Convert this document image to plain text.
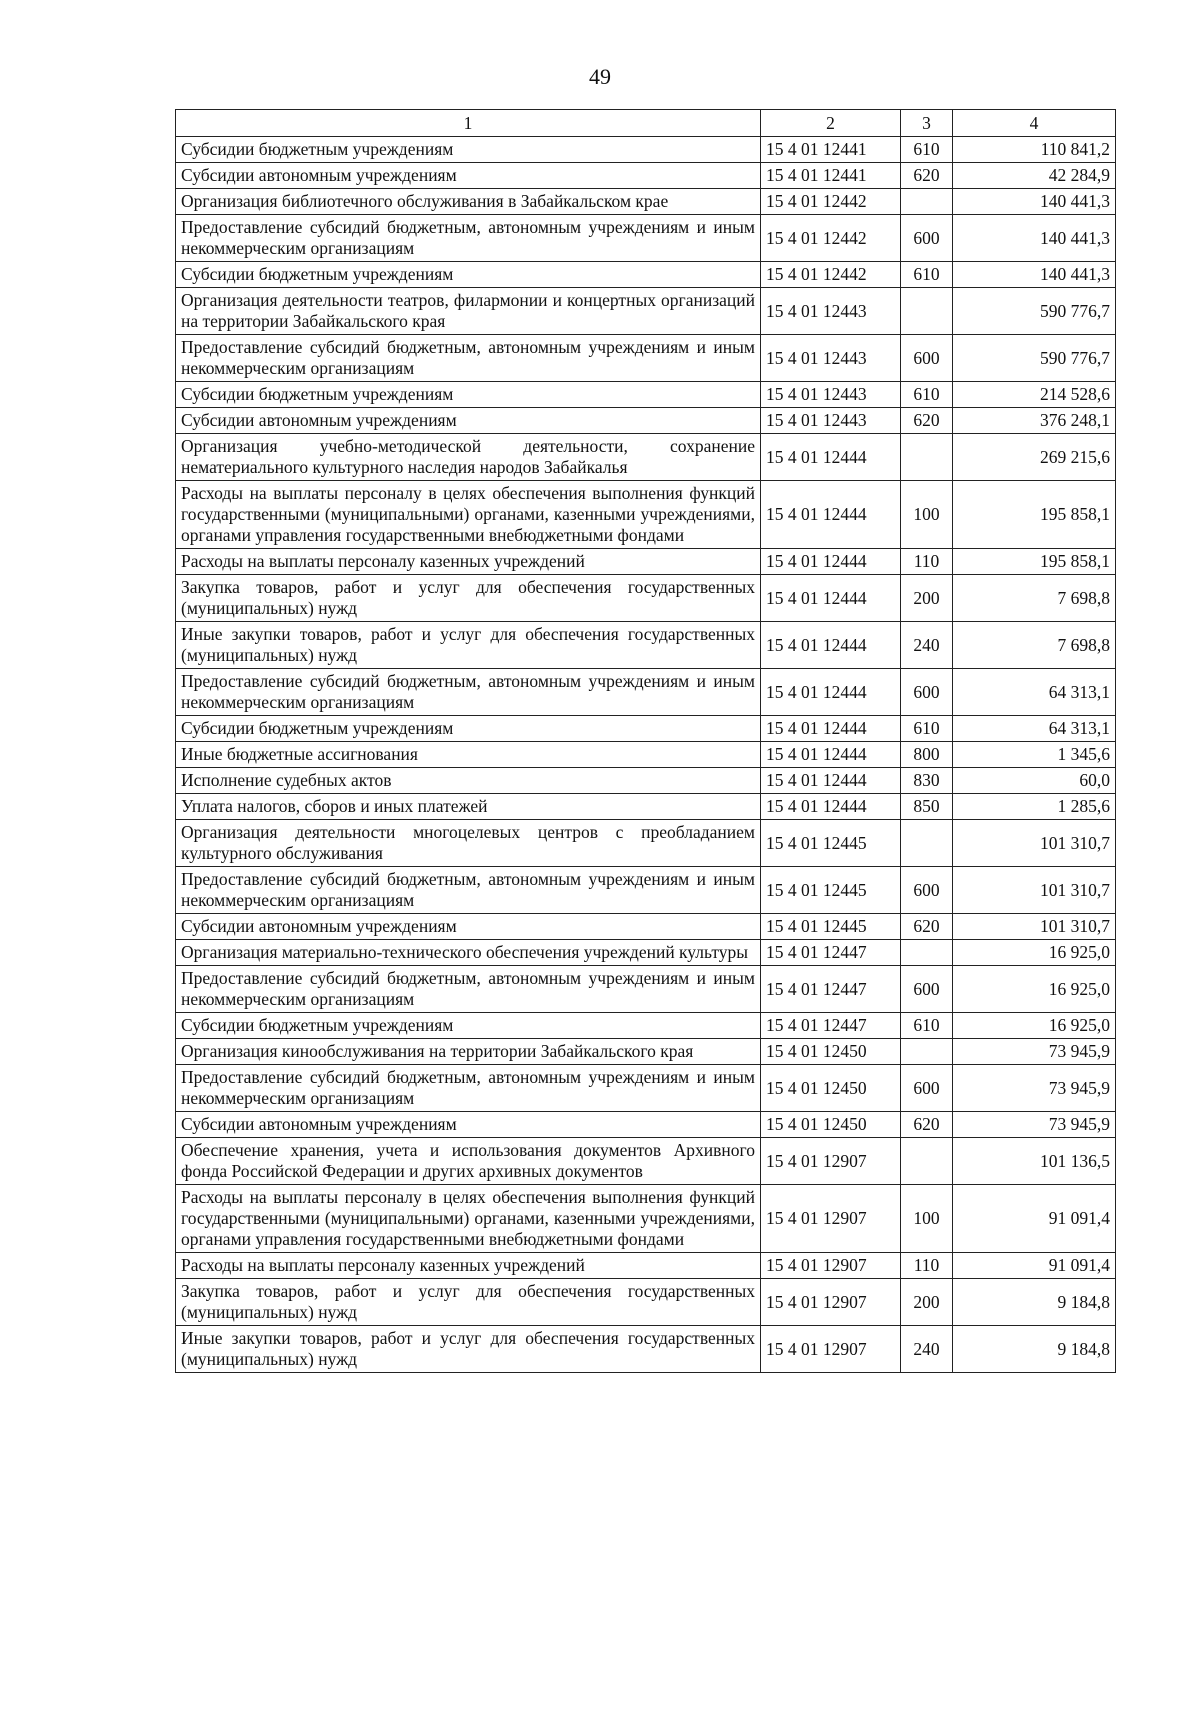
49
1	2	3	4
Субсидии бюджетным учреждениям	15 4 01 12441	610	110 841,2
Субсидии автономным учреждениям	15 4 01 12441	620	42 284,9
Организация библиотечного обслуживания в Забайкальском крае	15 4 01 12442		140 441,3
Предоставление субсидий бюджетным, автономным учреждениям и иным некоммерческим организациям	15 4 01 12442	600	140 441,3
Субсидии бюджетным учреждениям	15 4 01 12442	610	140 441,3
Организация деятельности театров, филармонии и концертных организаций на территории Забайкальского края	15 4 01 12443		590 776,7
Предоставление субсидий бюджетным, автономным учреждениям и иным некоммерческим организациям	15 4 01 12443	600	590 776,7
Субсидии бюджетным учреждениям	15 4 01 12443	610	214 528,6
Субсидии автономным учреждениям	15 4 01 12443	620	376 248,1
Организация учебно-методической деятельности, сохранение нематериального культурного наследия народов Забайкалья	15 4 01 12444		269 215,6
Расходы на выплаты персоналу в целях обеспечения выполнения функций государственными (муниципальными) органами, казенными учреждениями, органами управления государственными внебюджетными фондами	15 4 01 12444	100	195 858,1
Расходы на выплаты персоналу казенных учреждений	15 4 01 12444	110	195 858,1
Закупка товаров, работ и услуг для обеспечения государственных (муниципальных) нужд	15 4 01 12444	200	7 698,8
Иные закупки товаров, работ и услуг для обеспечения государственных (муниципальных) нужд	15 4 01 12444	240	7 698,8
Предоставление субсидий бюджетным, автономным учреждениям и иным некоммерческим организациям	15 4 01 12444	600	64 313,1
Субсидии бюджетным учреждениям	15 4 01 12444	610	64 313,1
Иные бюджетные ассигнования	15 4 01 12444	800	1 345,6
Исполнение судебных актов	15 4 01 12444	830	60,0
Уплата налогов, сборов и иных платежей	15 4 01 12444	850	1 285,6
Организация деятельности многоцелевых центров с преобладанием культурного обслуживания	15 4 01 12445		101 310,7
Предоставление субсидий бюджетным, автономным учреждениям и иным некоммерческим организациям	15 4 01 12445	600	101 310,7
Субсидии автономным учреждениям	15 4 01 12445	620	101 310,7
Организация материально-технического обеспечения учреждений культуры	15 4 01 12447		16 925,0
Предоставление субсидий бюджетным, автономным учреждениям и иным некоммерческим организациям	15 4 01 12447	600	16 925,0
Субсидии бюджетным учреждениям	15 4 01 12447	610	16 925,0
Организация кинообслуживания на территории Забайкальского края	15 4 01 12450		73 945,9
Предоставление субсидий бюджетным, автономным учреждениям и иным некоммерческим организациям	15 4 01 12450	600	73 945,9
Субсидии автономным учреждениям	15 4 01 12450	620	73 945,9
Обеспечение хранения, учета и использования документов Архивного фонда Российской Федерации и других архивных документов	15 4 01 12907		101 136,5
Расходы на выплаты персоналу в целях обеспечения выполнения функций государственными (муниципальными) органами, казенными учреждениями, органами управления государственными внебюджетными фондами	15 4 01 12907	100	91 091,4
Расходы на выплаты персоналу казенных учреждений	15 4 01 12907	110	91 091,4
Закупка товаров, работ и услуг для обеспечения государственных (муниципальных) нужд	15 4 01 12907	200	9 184,8
Иные закупки товаров, работ и услуг для обеспечения государственных (муниципальных) нужд	15 4 01 12907	240	9 184,8
